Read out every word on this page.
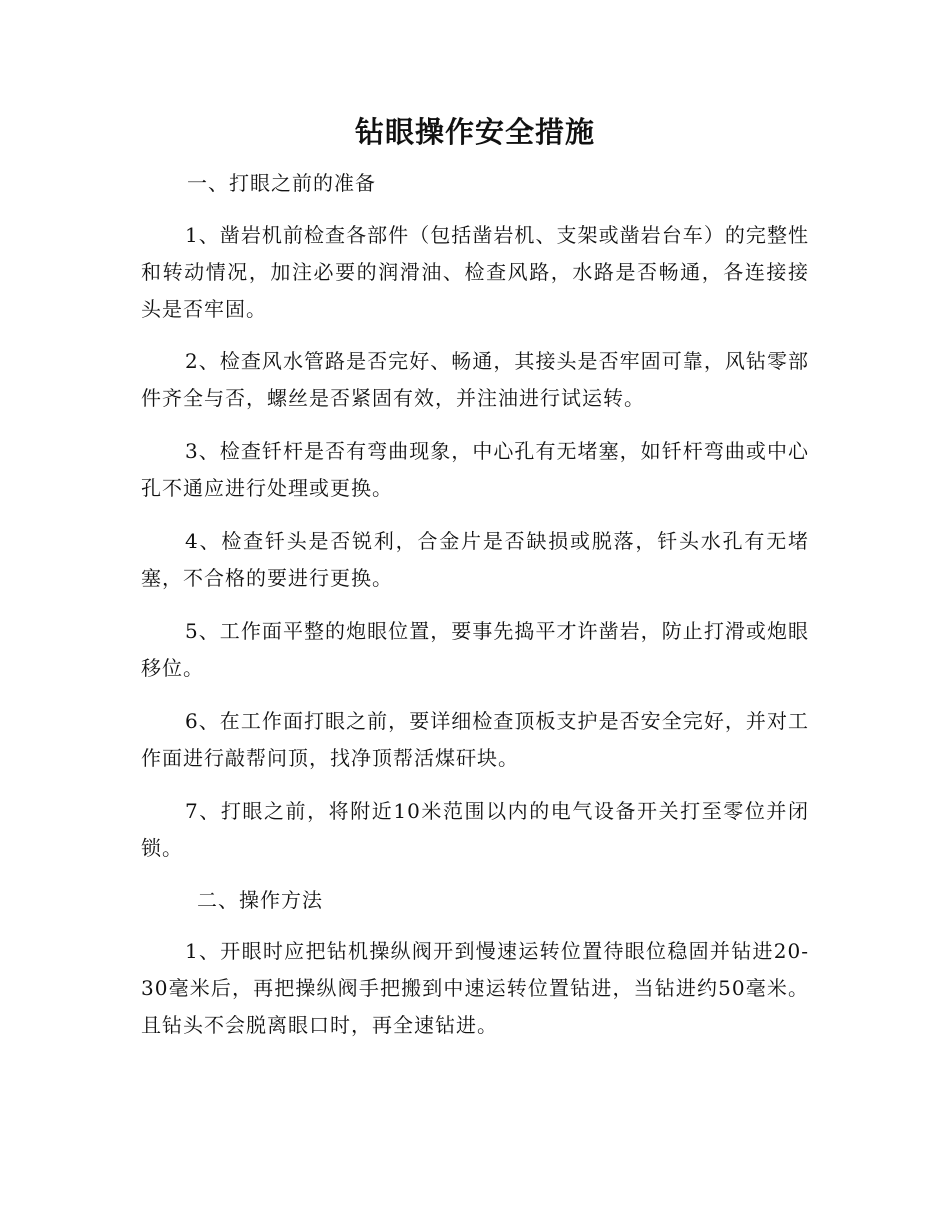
钻眼操作安全措施
一、打眼之前的准备

1、凿岩机前检查各部件（包括凿岩机、支架或凿岩台车）的完整性和转动情况，加注必要的润滑油、检查风路，水路是否畅通，各连接接头是否牢固。

2、检查风水管路是否完好、畅通，其接头是否牢固可靠，风钻零部件齐全与否，螺丝是否紧固有效，并注油进行试运转。

3、检查钎杆是否有弯曲现象，中心孔有无堵塞，如钎杆弯曲或中心孔不通应进行处理或更换。

4、检查钎头是否锐利，合金片是否缺损或脱落，钎头水孔有无堵塞，不合格的要进行更换。

5、工作面平整的炮眼位置，要事先捣平才许凿岩，防止打滑或炮眼移位。

6、在工作面打眼之前，要详细检查顶板支护是否安全完好，并对工作面进行敲帮问顶，找净顶帮活煤矸块。

7、打眼之前，将附近10米范围以内的电气设备开关打至零位并闭锁。

二、操作方法

1、开眼时应把钻机操纵阀开到慢速运转位置待眼位稳固并钻进20-30毫米后，再把操纵阀手把搬到中速运转位置钻进，当钻进约50毫米。且钻头不会脱离眼口时，再全速钻进。
